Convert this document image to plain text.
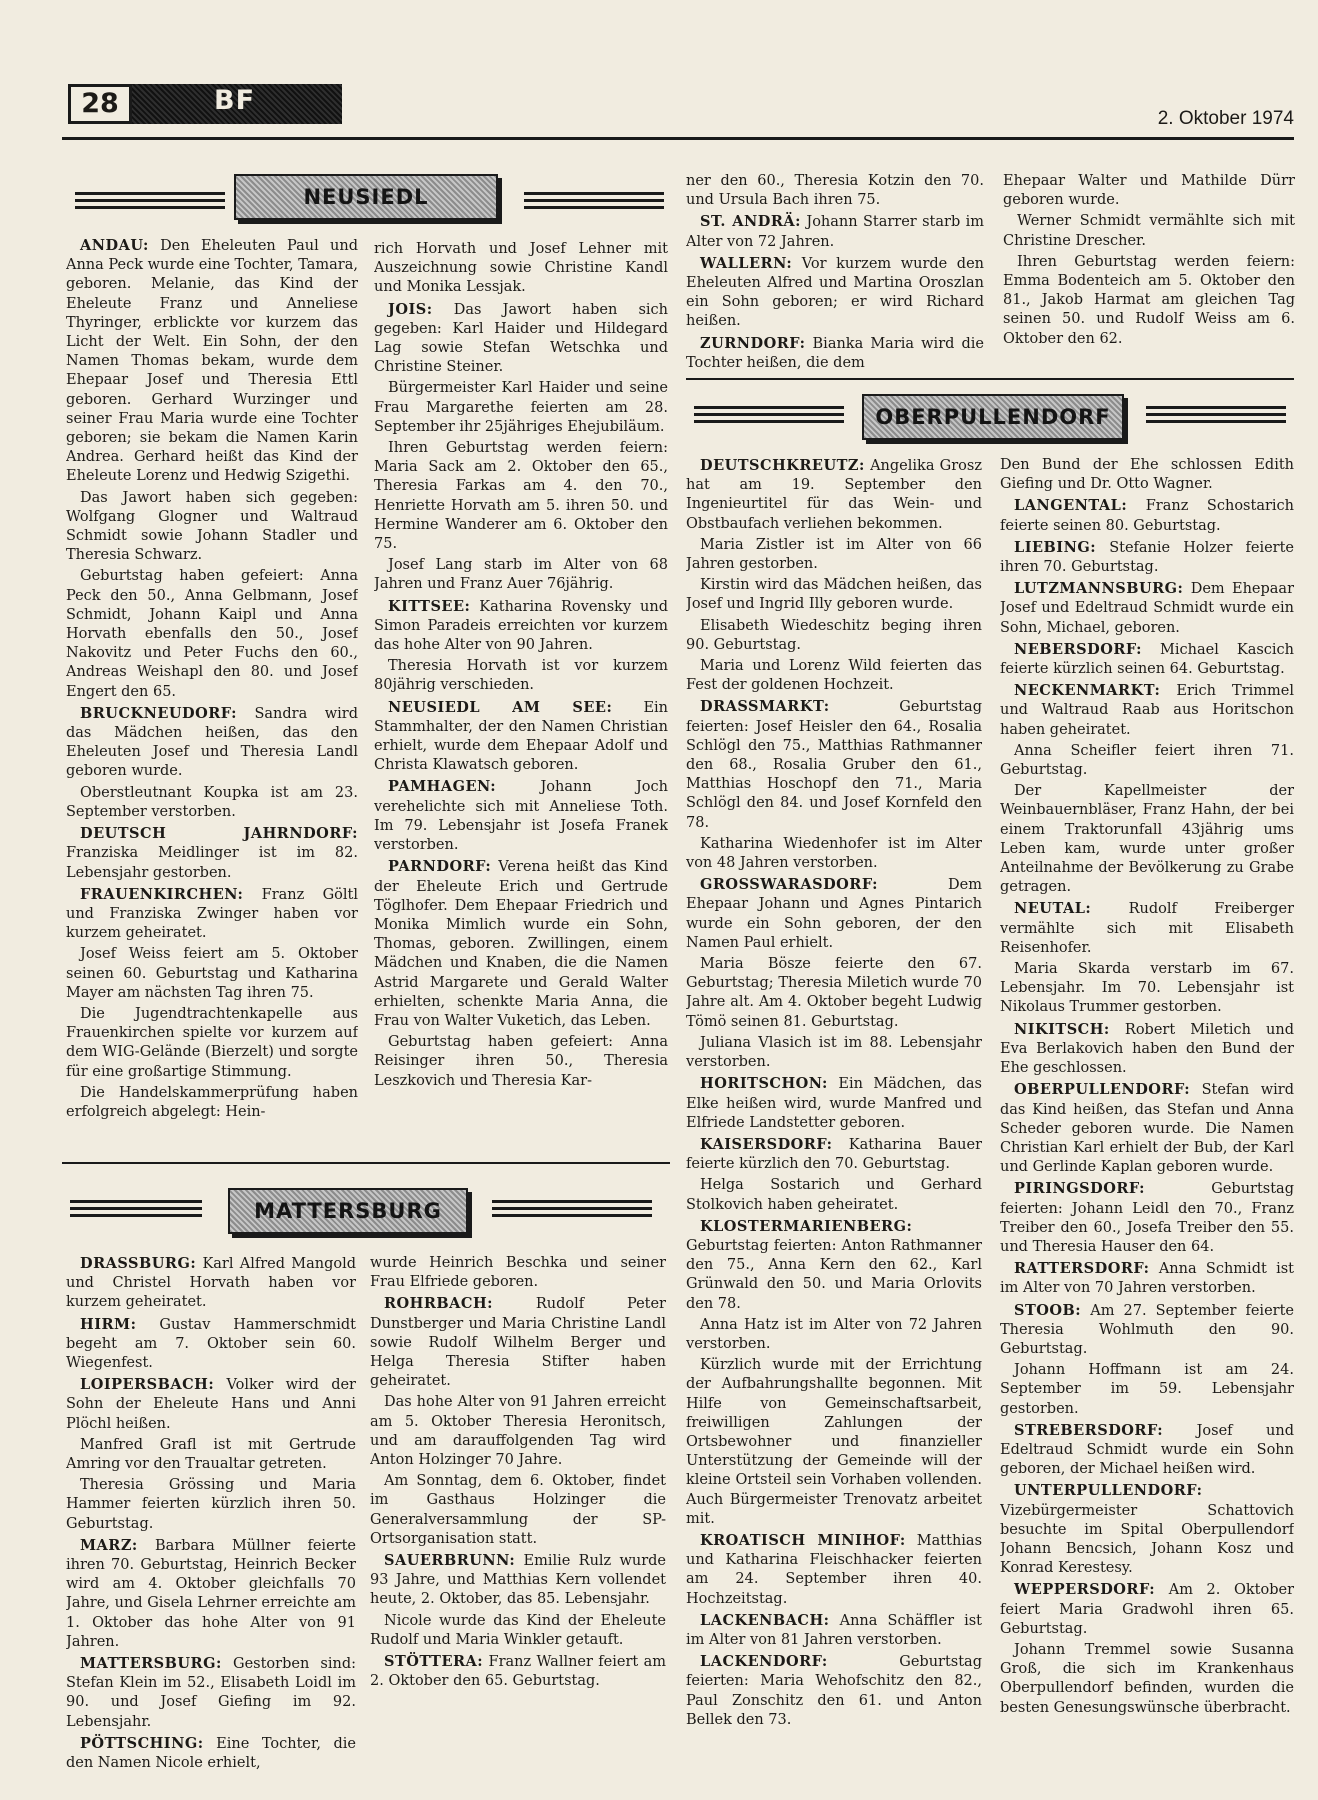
28	BF
2. Oktober 1974
NEUSIEDL

ANDAU: Den Eheleuten Paul und Anna Peck wurde eine Tochter, Tamara, geboren. Melanie, das Kind der Eheleute Franz und Anneliese Thyringer, erblickte vor kurzem das Licht der Welt. Ein Sohn, der den Namen Thomas bekam, wurde dem Ehepaar Josef und Theresia Ettl geboren. Gerhard Wurzinger und seiner Frau Maria wurde eine Tochter geboren; sie bekam die Namen Karin Andrea. Gerhard heißt das Kind der Eheleute Lorenz und Hedwig Szigethi.

Das Jawort haben sich gegeben: Wolfgang Glogner und Waltraud Schmidt sowie Johann Stadler und Theresia Schwarz.

Geburtstag haben gefeiert: Anna Peck den 50., Anna Gelbmann, Josef Schmidt, Johann Kaipl und Anna Horvath ebenfalls den 50., Josef Nakovitz und Peter Fuchs den 60., Andreas Weishapl den 80. und Josef Engert den 65.

BRUCKNEUDORF: Sandra wird das Mädchen heißen, das den Eheleuten Josef und Theresia Landl geboren wurde.

Oberstleutnant Koupka ist am 23. September verstorben.

DEUTSCH JAHRNDORF: Franziska Meidlinger ist im 82. Lebensjahr gestorben.

FRAUENKIRCHEN: Franz Göltl und Franziska Zwinger haben vor kurzem geheiratet.

Josef Weiss feiert am 5. Oktober seinen 60. Geburtstag und Katharina Mayer am nächsten Tag ihren 75.

Die Jugendtrachtenkapelle aus Frauenkirchen spielte vor kurzem auf dem WIG-Gelände (Bierzelt) und sorgte für eine großartige Stimmung.

Die Handelskammerprüfung haben erfolgreich abgelegt: Hein-

rich Horvath und Josef Lehner mit Auszeichnung sowie Christine Kandl und Monika Lessjak.

JOIS: Das Jawort haben sich gegeben: Karl Haider und Hildegard Lag sowie Stefan Wetschka und Christine Steiner.

Bürgermeister Karl Haider und seine Frau Margarethe feierten am 28. September ihr 25jähriges Ehejubiläum.

Ihren Geburtstag werden feiern: Maria Sack am 2. Oktober den 65., Theresia Farkas am 4. den 70., Henriette Horvath am 5. ihren 50. und Hermine Wanderer am 6. Oktober den 75.

Josef Lang starb im Alter von 68 Jahren und Franz Auer 76jährig.

KITTSEE: Katharina Rovensky und Simon Paradeis erreichten vor kurzem das hohe Alter von 90 Jahren.

Theresia Horvath ist vor kurzem 80jährig verschieden.

NEUSIEDL AM SEE: Ein Stammhalter, der den Namen Christian erhielt, wurde dem Ehepaar Adolf und Christa Klawatsch geboren.

PAMHAGEN:	Johann Joch verehelichte sich mit Anneliese Toth. Im 79. Lebensjahr ist Josefa Franek verstorben.

PARNDORF: Verena heißt das Kind der Eheleute Erich und Gertrude Töglhofer. Dem Ehepaar Friedrich und Monika Mimlich wurde ein Sohn, Thomas, geboren. Zwillingen, einem Mädchen und Knaben, die die Namen Astrid Margarete und Gerald Walter erhielten, schenkte Maria Anna, die Frau von Walter Vuketich, das Leben.

Geburtstag haben gefeiert: Anna Reisinger ihren 50., Theresia Leszkovich und Theresia Kar-

ner den 60., Theresia Kotzin den 70. und Ursula Bach ihren 75.

ST. ANDRÄ: Johann Starrer starb im Alter von 72 Jahren.

WALLERN: Vor kurzem wurde den Eheleuten Alfred und Martina Oroszlan ein Sohn geboren; er wird Richard heißen.

ZURNDORF: Bianka Maria wird die Tochter heißen, die dem

Ehepaar Walter und Mathilde Dürr geboren wurde.

Werner Schmidt vermählte sich mit Christine Drescher.

Ihren Geburtstag werden feiern: Emma Bodenteich am 5. Oktober den 81., Jakob Harmat am gleichen Tag seinen 50. und Rudolf Weiss am 6. Oktober den 62.

MATTERSBURG

DRASSBURG: Karl Alfred Mangold und Christel Horvath haben vor kurzem geheiratet.

HIRM: Gustav Hammerschmidt begeht am 7. Oktober sein 60. Wiegenfest.

LOIPERSBACH: Volker wird der Sohn der Eheleute Hans und Anni Plöchl heißen.

Manfred Grafl ist mit Gertrude Amring vor den Traualtar getreten.

Theresia Grössing und Maria Hammer feierten kürzlich ihren 50. Geburtstag.

MARZ: Barbara Müllner feierte ihren 70. Geburtstag, Heinrich Becker wird am 4. Oktober gleichfalls 70 Jahre, und Gisela Lehrner erreichte am 1. Oktober das hohe Alter von 91 Jahren.

MATTERSBURG: Gestorben sind: Stefan Klein im 52., Elisabeth Loidl im 90. und Josef Giefing im 92. Lebensjahr.

PÖTTSCHING: Eine Tochter, die den Namen Nicole erhielt,

wurde Heinrich Beschka und seiner Frau Elfriede geboren.

ROHRBACH:	Rudolf Peter Dunstberger und Maria Christine Landl sowie Rudolf Wilhelm Berger und Helga Theresia Stifter haben geheiratet.

Das hohe Alter von 91 Jahren erreicht am 5. Oktober Theresia Heronitsch, und am darauffolgenden Tag wird Anton Holzinger 70 Jahre.

Am Sonntag, dem 6. Oktober, findet im Gasthaus Holzinger die Generalversammlung der SP-Ortsorganisation statt.

SAUERBRUNN: Emilie Rulz wurde 93 Jahre, und Matthias Kern vollendet heute, 2. Oktober, das 85. Lebensjahr.

Nicole wurde das Kind der Eheleute Rudolf und Maria Winkler getauft.

STÖTTERA: Franz Wallner feiert am 2. Oktober den 65. Geburtstag.

OBERPULLENDORF

DEUTSCHKREUTZ: Angelika Grosz hat am 19. September den Ingenieurtitel für das Wein- und Obstbaufach verliehen bekommen.

Maria Zistler ist im Alter von 66 Jahren gestorben.

Kirstin wird das Mädchen heißen, das Josef und Ingrid Illy geboren wurde.

Elisabeth Wiedeschitz beging ihren 90. Geburtstag.

Maria und Lorenz Wild feierten das Fest der goldenen Hochzeit.

DRASSMARKT:	Geburtstag feierten: Josef Heisler den 64., Rosalia Schlögl den 75., Matthias Rathmanner den 68., Rosalia Gruber den 61., Matthias Hoschopf den 71., Maria Schlögl den 84. und Josef Kornfeld den 78.

Katharina Wiedenhofer ist im Alter von 48 Jahren verstorben.

GROSSWARASDORF:	Dem Ehepaar Johann und Agnes Pintarich wurde ein Sohn geboren, der den Namen Paul erhielt.

Maria Bösze feierte den 67. Geburtstag; Theresia Miletich wurde 70 Jahre alt. Am 4. Oktober begeht Ludwig Tömö seinen 81. Geburtstag.

Juliana Vlasich ist im 88. Lebensjahr verstorben.

HORITSCHON: Ein Mädchen, das Elke heißen wird, wurde Manfred und Elfriede Landstetter geboren.

KAISERSDORF: Katharina Bauer feierte kürzlich den 70. Geburtstag.

Helga Sostarich und Gerhard Stolkovich haben geheiratet.

KLOSTERMARIENBERG: Geburtstag feierten: Anton Rathmanner den 75., Anna Kern den 62., Karl Grünwald den 50. und Maria Orlovits den 78.

Anna Hatz ist im Alter von 72 Jahren verstorben.

Kürzlich wurde mit der Errichtung der Aufbahrungshallte begonnen. Mit Hilfe von Gemeinschaftsarbeit, freiwilligen Zahlungen der Ortsbewohner und finanzieller Unterstützung der Gemeinde will der kleine Ortsteil sein Vorhaben vollenden. Auch Bürgermeister Trenovatz arbeitet mit.

KROATISCH MINIHOF: Matthias und Katharina Fleischhacker feierten am 24. September ihren 40. Hochzeitstag.

LACKENBACH: Anna Schäffler ist im Alter von 81 Jahren verstorben.

LACKENDORF:	Geburtstag feierten: Maria Wehofschitz den 82., Paul Zonschitz den 61. und Anton Bellek den 73.

Den Bund der Ehe schlossen Edith Giefing und Dr. Otto Wagner.

LANGENTAL: Franz Schostarich feierte seinen 80. Geburtstag.

LIEBING: Stefanie Holzer feierte ihren 70. Geburtstag.

LUTZMANNSBURG: Dem Ehepaar Josef und Edeltraud Schmidt wurde ein Sohn, Michael, geboren.

NEBERSDORF: Michael Kascich feierte kürzlich seinen 64. Geburtstag.

NECKENMARKT: Erich Trimmel und Waltraud Raab aus Horitschon haben geheiratet.

Anna Scheifler feiert ihren 71. Geburtstag.

Der Kapellmeister der Weinbauernbläser, Franz Hahn, der bei einem Traktorunfall 43jährig ums Leben kam, wurde unter großer Anteilnahme der Bevölkerung zu Grabe getragen.

NEUTAL:	Rudolf Freiberger vermählte sich mit Elisabeth Reisenhofer.

Maria Skarda verstarb im 67. Lebensjahr. Im 70. Lebensjahr ist Nikolaus Trummer gestorben.

NIKITSCH: Robert Miletich und Eva Berlakovich haben den Bund der Ehe geschlossen.

OBERPULLENDORF: Stefan wird das Kind heißen, das Stefan und Anna Scheder geboren wurde. Die Namen Christian Karl erhielt der Bub, der Karl und Gerlinde Kaplan geboren wurde.

PIRINGSDORF:	Geburtstag feierten: Johann Leidl den 70., Franz Treiber den 60., Josefa Treiber den 55. und Theresia Hauser den 64.

RATTERSDORF: Anna Schmidt ist im Alter von 70 Jahren verstorben.

STOOB: Am 27. September feierte Theresia Wohlmuth den 90. Geburtstag.

Johann Hoffmann ist am 24. September im 59. Lebensjahr gestorben.

STREBERSDORF: Josef und Edeltraud Schmidt wurde ein Sohn geboren, der Michael heißen wird.

UNTERPULLENDORF: Vizebürgermeister Schattovich besuchte im Spital Oberpullendorf Johann Bencsich, Johann Kosz und Konrad Kerestesy.

WEPPERSDORF: Am 2. Oktober feiert Maria Gradwohl ihren 65. Geburtstag.

Johann Tremmel sowie Susanna Groß, die sich im Krankenhaus Oberpullendorf befinden, wurden die besten Genesungswünsche überbracht.
